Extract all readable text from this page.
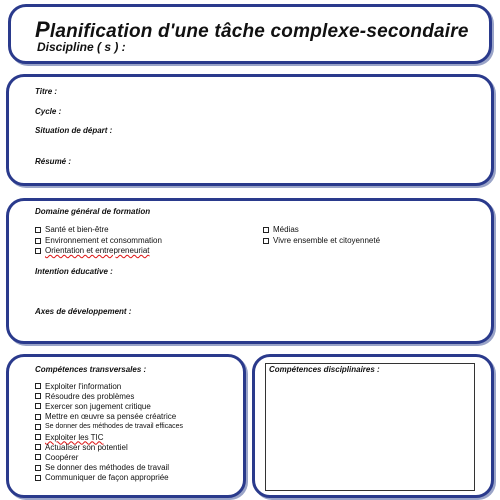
Planification d'une tâche complexe-secondaire
Discipline ( s ) :
Titre :
Cycle :
Situation de départ :
Résumé :
Domaine général de formation
Santé et bien-être
Environnement et consommation
Orientation et entrepreneuriat
Médias
Vivre ensemble et citoyenneté
Intention éducative :
Axes de développement :
Compétences transversales :
Exploiter l'information
Résoudre des problèmes
Exercer son jugement critique
Mettre en œuvre sa pensée créatrice
Se donner des méthodes de travail efficaces
Exploiter les TIC
Actualiser son potentiel
Coopérer
Se donner des méthodes de travail
Communiquer de façon appropriée
Compétences disciplinaires :
